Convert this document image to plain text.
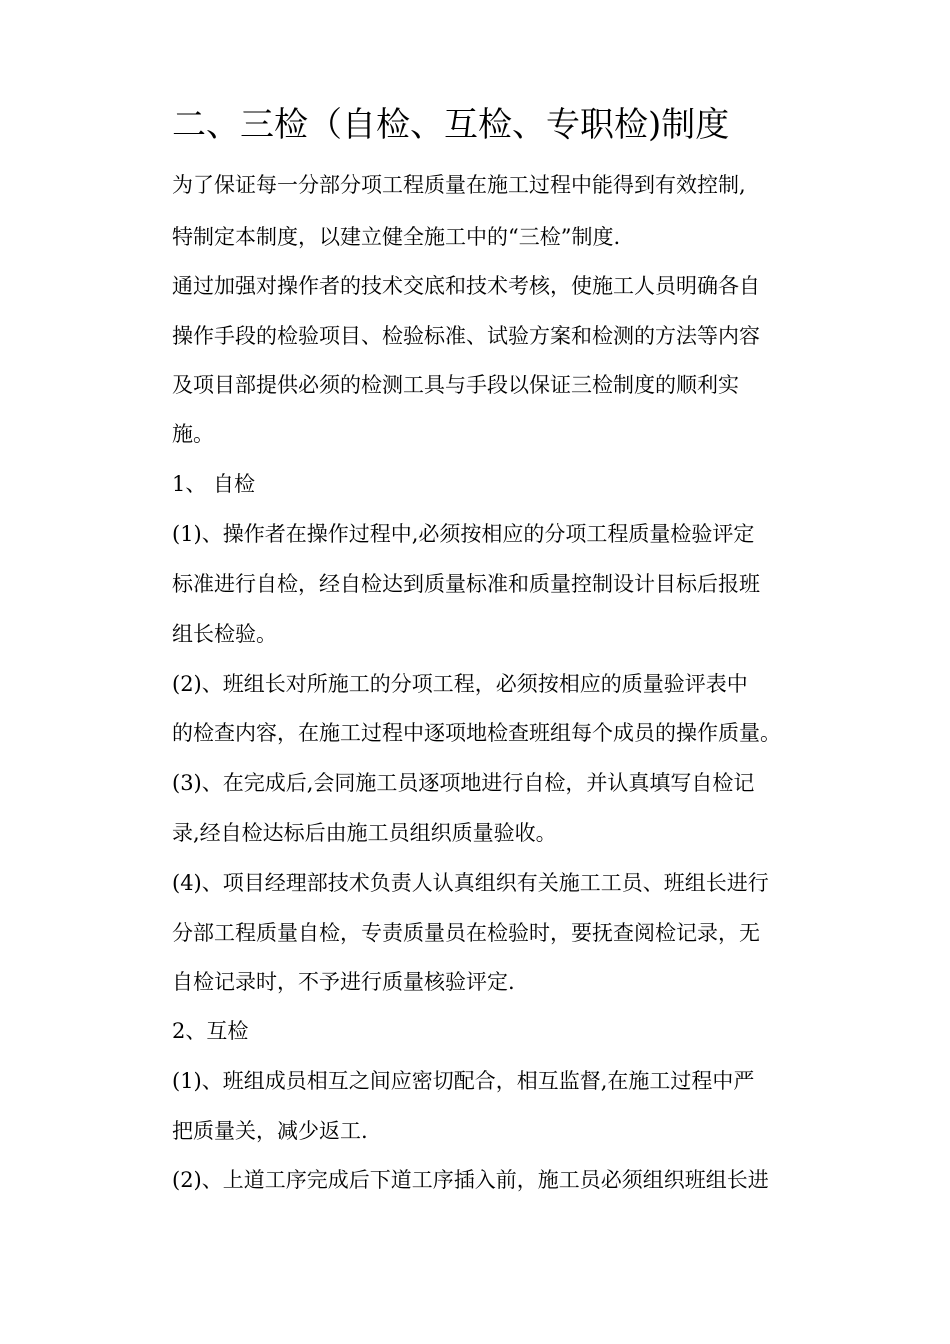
二、三检（自检、互检、专职检)制度
为了保证每一分部分项工程质量在施工过程中能得到有效控制,
特制定本制度，以建立健全施工中的“三检”制度.
通过加强对操作者的技术交底和技术考核，使施工人员明确各自
操作手段的检验项目、检验标准、试验方案和检测的方法等内容
及项目部提供必须的检测工具与手段以保证三检制度的顺利实
施。
1、 自检
(1)、操作者在操作过程中,必须按相应的分项工程质量检验评定
标准进行自检，经自检达到质量标准和质量控制设计目标后报班
组长检验。
(2)、班组长对所施工的分项工程，必须按相应的质量验评表中
的检查内容，在施工过程中逐项地检查班组每个成员的操作质量。
(3)、在完成后,会同施工员逐项地进行自检，并认真填写自检记
录,经自检达标后由施工员组织质量验收。
(4)、项目经理部技术负责人认真组织有关施工工员、班组长进行
分部工程质量自检，专责质量员在检验时，要抚查阅检记录，无
自检记录时，不予进行质量核验评定.
2、互检
(1)、班组成员相互之间应密切配合，相互监督,在施工过程中严
把质量关，减少返工.
(2)、上道工序完成后下道工序插入前，施工员必须组织班组长进
